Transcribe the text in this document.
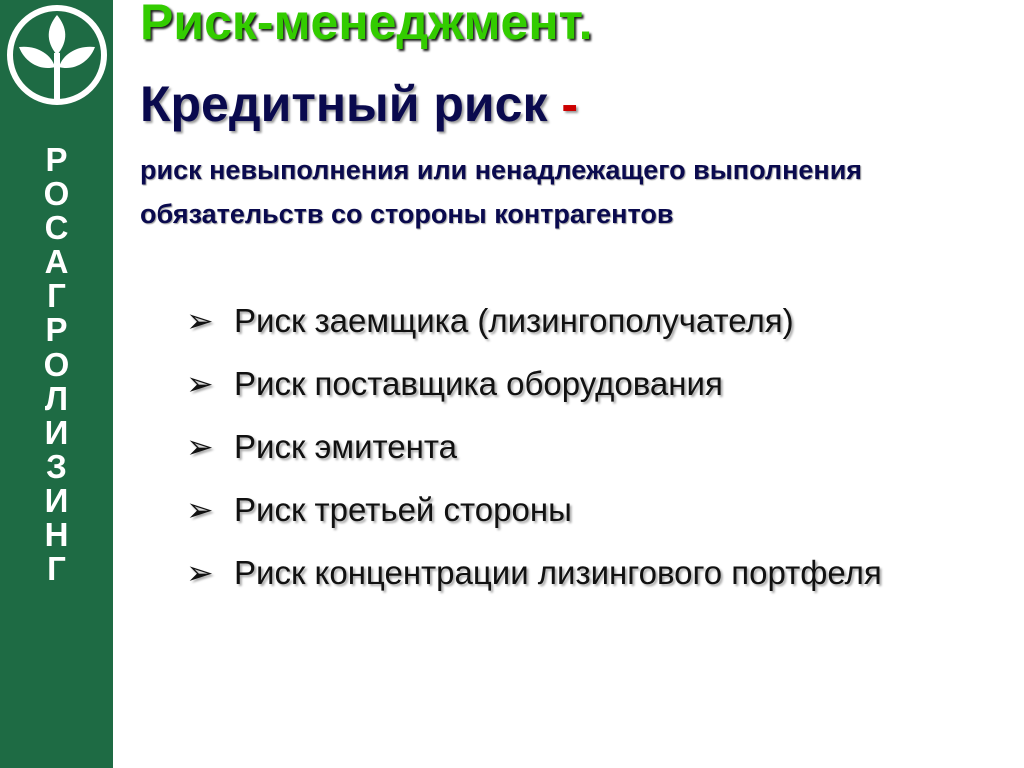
Р
О
С
А
Г
Р
О
Л
И
З
И
Н
Г
Риск-менеджмент.
Кредитный риск -
риск невыполнения или ненадлежащего выполнения обязательств со стороны контрагентов
➢ Риск заемщика (лизингополучателя)
➢ Риск поставщика оборудования
➢ Риск эмитента
➢ Риск третьей стороны
➢ Риск концентрации лизингового портфеля
